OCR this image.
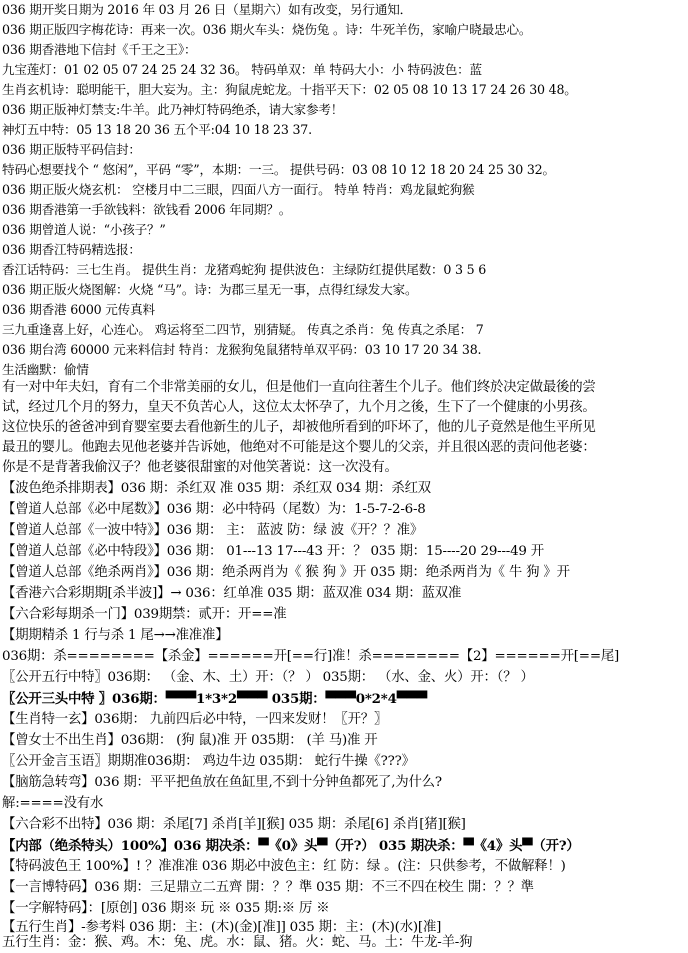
036 期开奖日期为 2016 年 03 月 26 日（星期六）如有改变，另行通知．
036 期正版四字梅花诗：再来一次。036 期火车头：烧伤兔 。诗：牛死羊伤，家喻户晓最忠心。
036 期香港地下信封《千王之王》：
九宝莲灯：01 02 05 07 24 25 24 32 36。 特码单双：单 特码大小：小 特码波色：蓝
生肖玄机诗：聪明能干，胆大妄为。主：狗鼠虎蛇龙。十指平天下：02 05 08 10 13 17 24 26 30 48。
036 期正版神灯禁支:牛羊。此乃神灯特码绝杀，请大家参考！
神灯五中特：05 13 18 20 36 五个平:04 10 18 23 37.
036 期正版特平码信封：
特码心想要找个 “ 悠闲”，平码 “零”，本期：一三。 提供号码：03 08 10 12 18 20 24 25 30 32。
036 期正版火烧玄机： 空楼月中二三眼，四面八方一面行。 特单 特肖：鸡龙鼠蛇狗猴
036 期香港第一手欲钱料：欲钱看 2006 年同期？。
036 期曾道人说：“小孩子？”
036 期香江特码精选报：
香江话特码：三七生肖。 提供生肖：龙猪鸡蛇狗 提供波色：主绿防红提供尾数：0 3 5 6
036 期正版火烧图解：火烧 “马”。诗：为郡三星无一事，点得红绿发大家。
036 期香港 6000 元传真料
三九重逢喜上好，心连心。 鸡运将至二四节，别猜疑。 传真之杀肖：兔 传真之杀尾： 7
036 期台湾 60000 元来料信封 特肖：龙猴狗兔鼠猪特单双平码：03 10 17 20 34 38.
生活幽默：偷情
有一对中年夫妇，育有二个非常美丽的女儿，但是他们一直向往著生个儿子。他们终於决定做最後的尝
试，经过几个月的努力，皇天不负苦心人，这位太太怀孕了，九个月之後，生下了一个健康的小男孩。
这位快乐的爸爸冲到育婴室要去看他新生的儿子，却被他所看到的吓坏了，他的儿子竟然是他生平所见
最丑的婴儿。他跑去见他老婆并告诉她，他绝对不可能是这个婴儿的父亲，并且很凶恶的责问他老婆：
你是不是背著我偷汉子？他老婆很甜蜜的对他笑著说：这一次没有。
【波色绝杀排期表】036 期：杀红双 准 035 期：杀红双 034 期：杀红双
【曾道人总部《必中尾数》】036 期：必中特码（尾数）为：1-5-7-2-6-8
【曾道人总部《一波中特》】036 期： 主： 蓝波 防：绿 波《开？？准》
【曾道人总部《必中特段》】036 期： 01---13 17---43 开：？ 035 期：15----20 29---49 开
【曾道人总部《绝杀两肖》】036 期：绝杀两肖为《 猴 狗 》开 035 期：绝杀两肖为《 牛 狗 》开
【香港六合彩期期[杀半波]】→ 036：红单准 035 期：蓝双准 034 期：蓝双准
【六合彩每期杀一门】039期禁：贰开：开==准
【期期精杀 1 行与杀 1 尾→→准准准】
036期：杀========【杀金】======开[==行]准！杀========【2】======开[==尾]
〖公开五行中特〗036期： （金、木、土）开：（？ ） 035期： （水、金、火）开：（？ ）
〖公开三头中特 〗036期：▀▀▀1*3*2▀▀▀ 035期：▀▀▀0*2*4▀▀▀
【生肖特一玄】036期： 九前四后必中特，一四来发财！〖开？〗
【曾女士不出生肖】036期： (狗 鼠)准 开 035期： (羊 马)准 开
〖公开金言玉语〗期期准036期： 鸡边牛边 035期： 蛇行牛操《???》
【脑筋急转弯】036 期：平平把鱼放在鱼缸里,不到十分钟鱼都死了,为什么?
解:====没有水
【六合彩不出特】036 期：杀尾[7] 杀肖[羊][猴] 035 期：杀尾[6] 杀肖[猪][猴]
【内部（绝杀特头）100%】036 期决杀：▀《0》头▀（开?） 035 期决杀：▀《4》头▀（开?）
【特码波色王 100%】! ？准准准 036 期必中波色主：红 防：绿 。(注：只供参考，不做解释！)
【一言博特码】036 期：三足鼎立二五齊 開：？？準 035 期：不三不四在校生 開：？？準
【一字解特码】：[原创] 036 期※ 玩 ※ 035 期:※ 厉 ※
【五行生肖】-参考料 036 期：主：(木)(金)[准]] 035 期：主：(木)(水)[准]
五行生肖：金：猴、鸡。木：兔、虎。水：鼠、猪。火：蛇、马。土：牛龙-羊-狗
